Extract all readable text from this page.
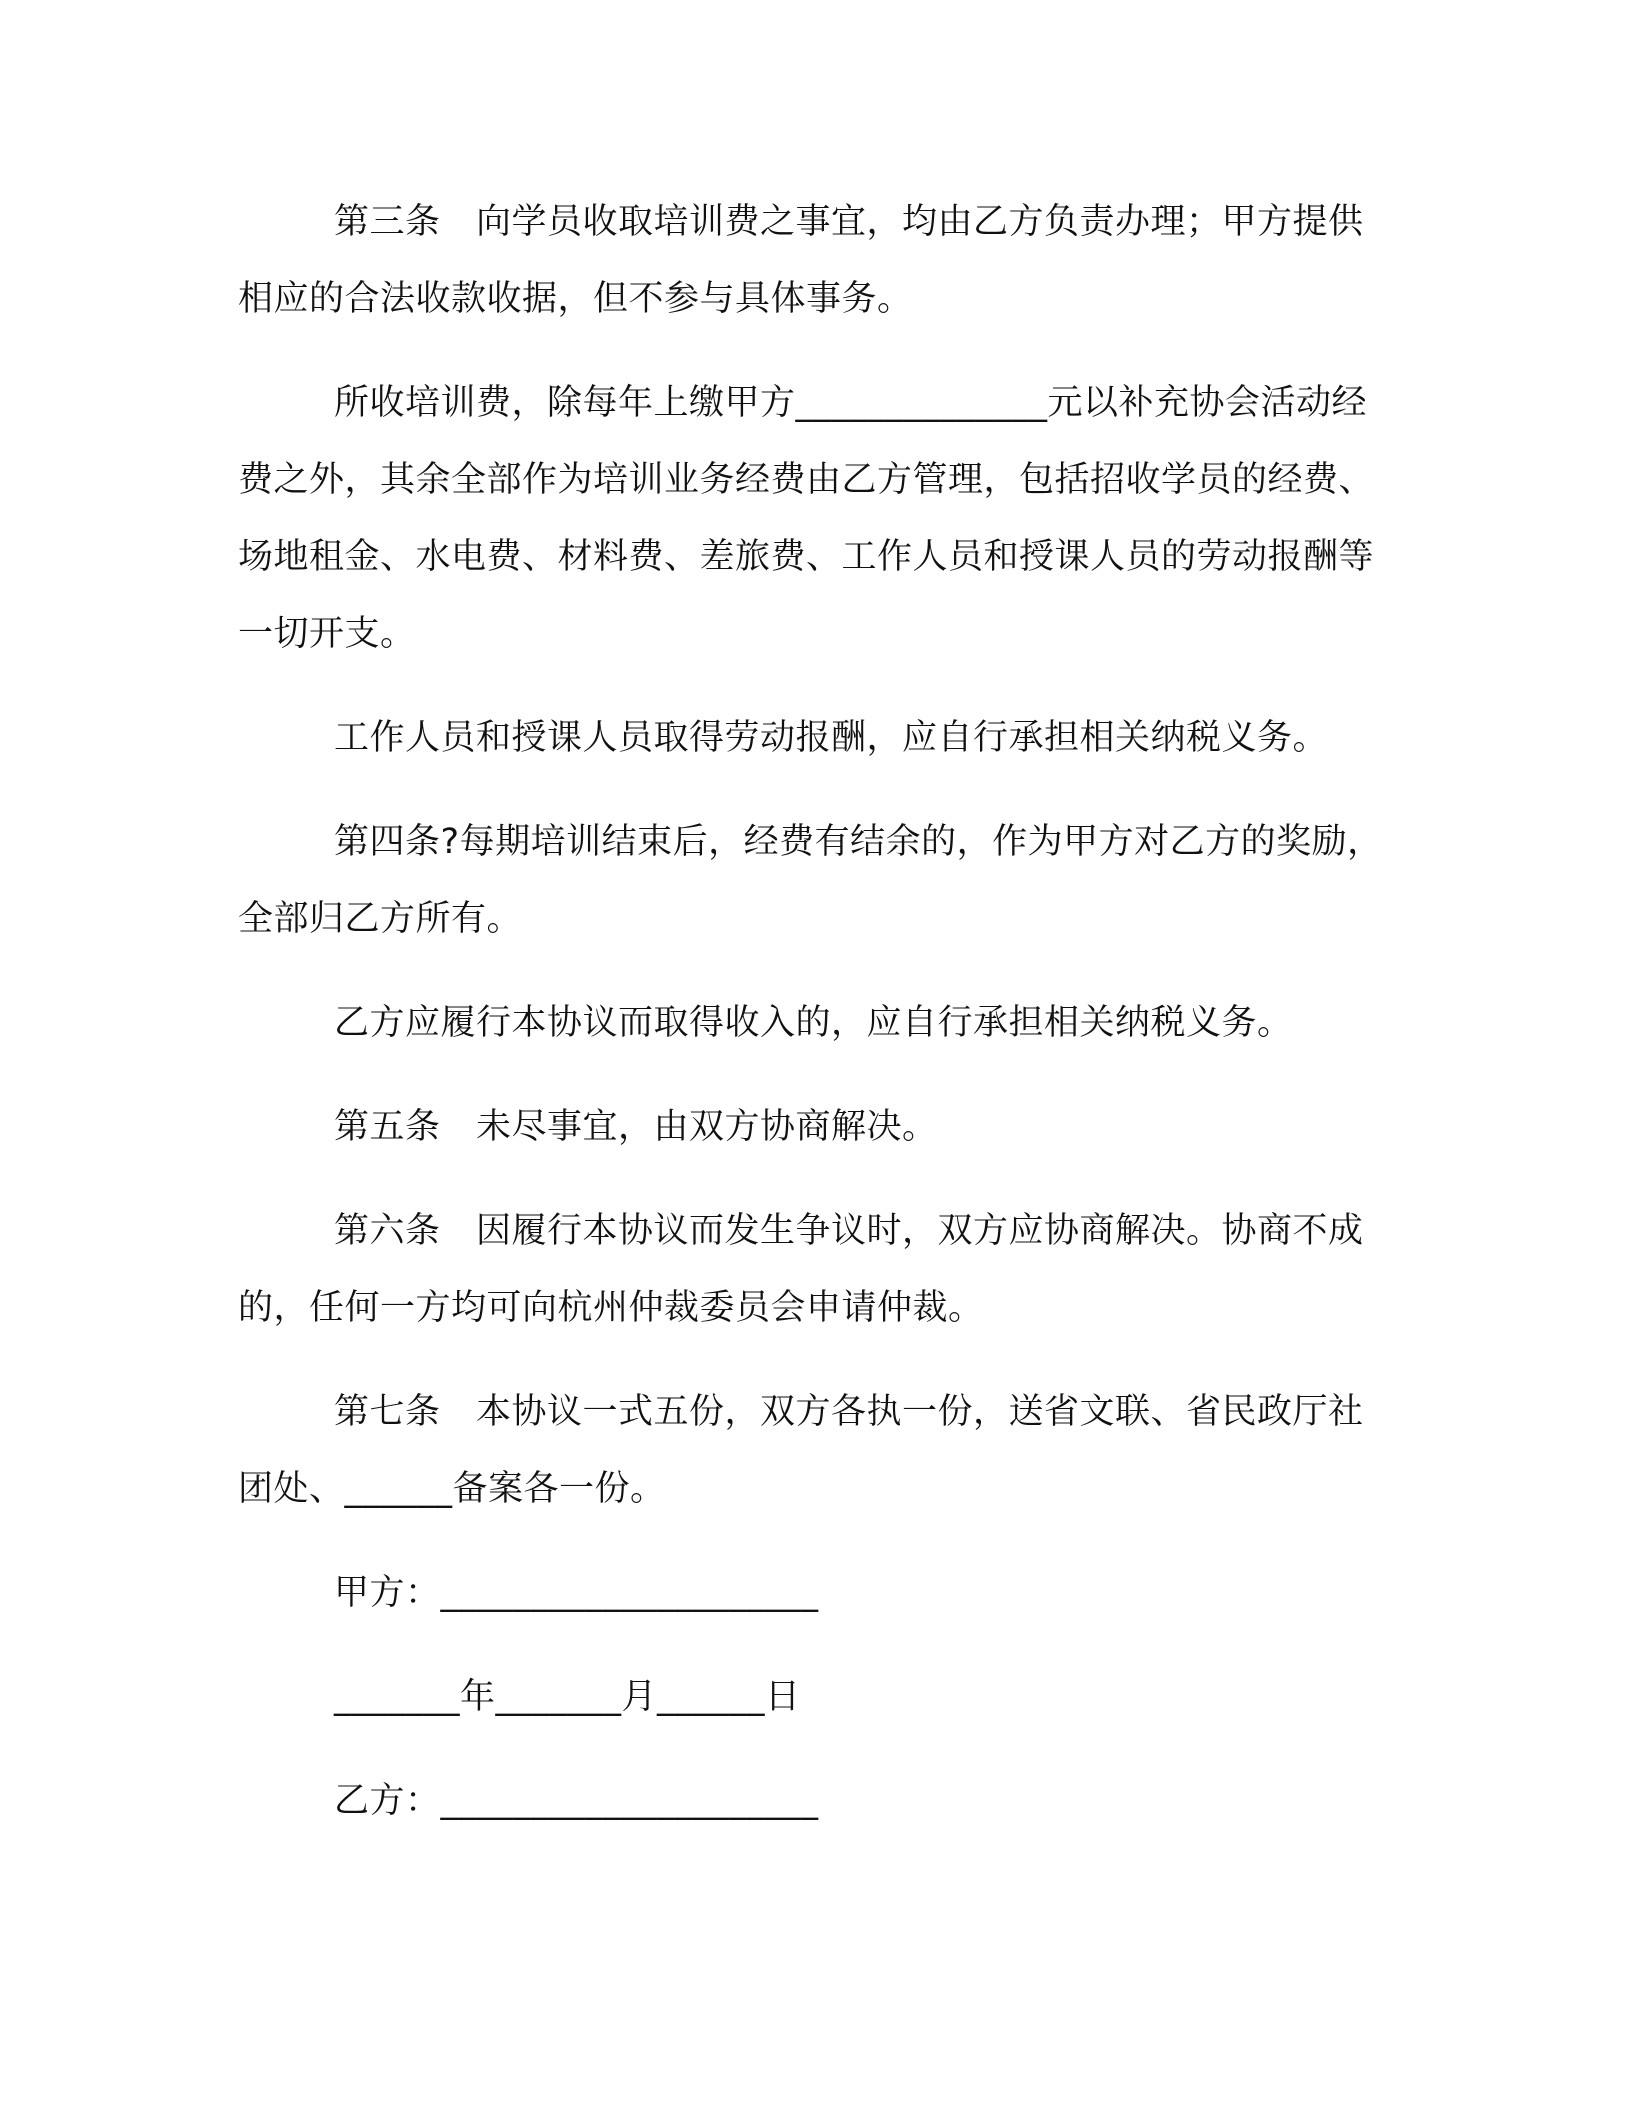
第三条　向学员收取培训费之事宜，均由乙方负责办理；甲方提供相应的合法收款收据，但不参与具体事务。

所收培训费，除每年上缴甲方______________元以补充协会活动经费之外，其余全部作为培训业务经费由乙方管理，包括招收学员的经费、场地租金、水电费、材料费、差旅费、工作人员和授课人员的劳动报酬等一切开支。

工作人员和授课人员取得劳动报酬，应自行承担相关纳税义务。

第四条?每期培训结束后，经费有结余的，作为甲方对乙方的奖励，全部归乙方所有。

乙方应履行本协议而取得收入的，应自行承担相关纳税义务。

第五条　未尽事宜，由双方协商解决。

第六条　因履行本协议而发生争议时，双方应协商解决。协商不成的，任何一方均可向杭州仲裁委员会申请仲裁。

第七条　本协议一式五份，双方各执一份，送省文联、省民政厅社团处、______备案各一份。

甲方：_____________________

_______年_______月______日

乙方：_____________________
